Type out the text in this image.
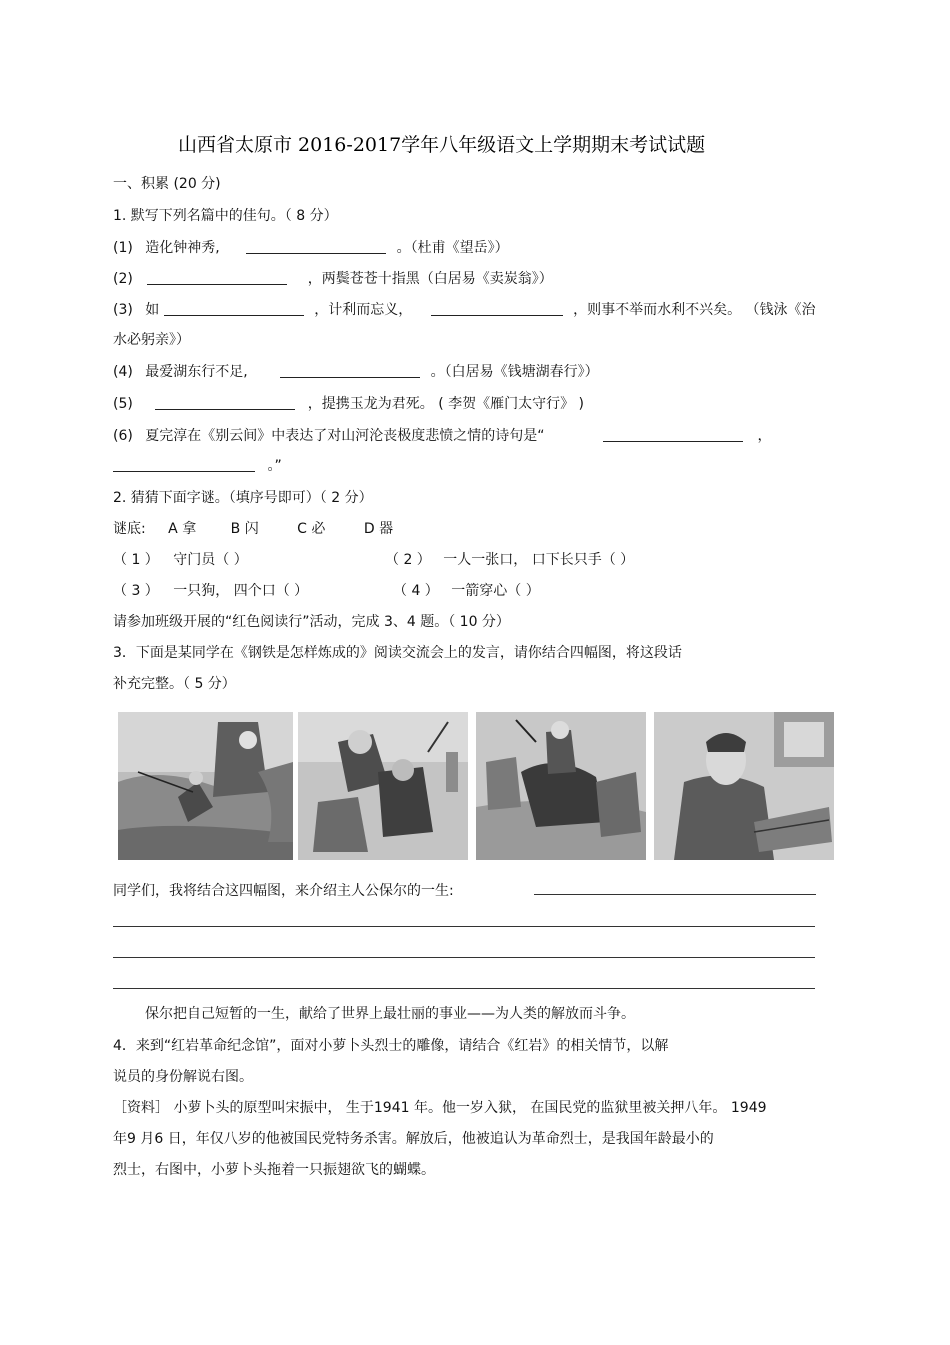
山西省太原市 2016-2017学年八年级语文上学期期末考试试题
一、积累 (20 分)
1. 默写下列名篇中的佳句。（ 8 分）
(1) 造化钟神秀,	。（杜甫《望岳》）
(2)	，两鬓苍苍十指黑（白居易《卖炭翁》）
(3) 如	，计利而忘义，	，则事不举而水利不兴矣。 （钱泳《治
水必躬亲》）
(4) 最爱湖东行不足,	。（白居易《钱塘湖春行》）
(5)	，提携玉龙为君死。 ( 李贺《雁门太守行》 )
(6) 夏完淳在《别云间》中表达了对山河沦丧极度悲愤之情的诗句是“	，
。”
2. 猜猜下面字谜。（填序号即可）（ 2 分）
谜底: A 拿 B 闪	C 必	D 器
（ 1 ） 守门员（ ）	（ 2 ） 一人一张口， 口下长只手（ ）
（ 3 ） 一只狗， 四个口（ ）	（ 4 ） 一箭穿心（ ）
请参加班级开展的“红色阅读行”活动，完成 3、4 题。（ 10 分）
3．下面是某同学在《钢铁是怎样炼成的》阅读交流会上的发言，请你结合四幅图，将这段话
补充完整。（ 5 分）
同学们，我将结合这四幅图，来介绍主人公保尔的一生:
保尔把自己短暂的一生，献给了世界上最壮丽的事业——为人类的解放而斗争。
4．来到“红岩革命纪念馆”，面对小萝卜头烈士的雕像，请结合《红岩》的相关情节，以解
说员的身份解说右图。
［资料］ 小萝卜头的原型叫宋振中， 生于1941 年。他一岁入狱， 在国民党的监狱里被关押八年。 1949
年9 月6 日，年仅八岁的他被国民党特务杀害。解放后，他被追认为革命烈士，是我国年龄最小的
烈士，右图中，小萝卜头拖着一只振翅欲飞的蝴蝶。
